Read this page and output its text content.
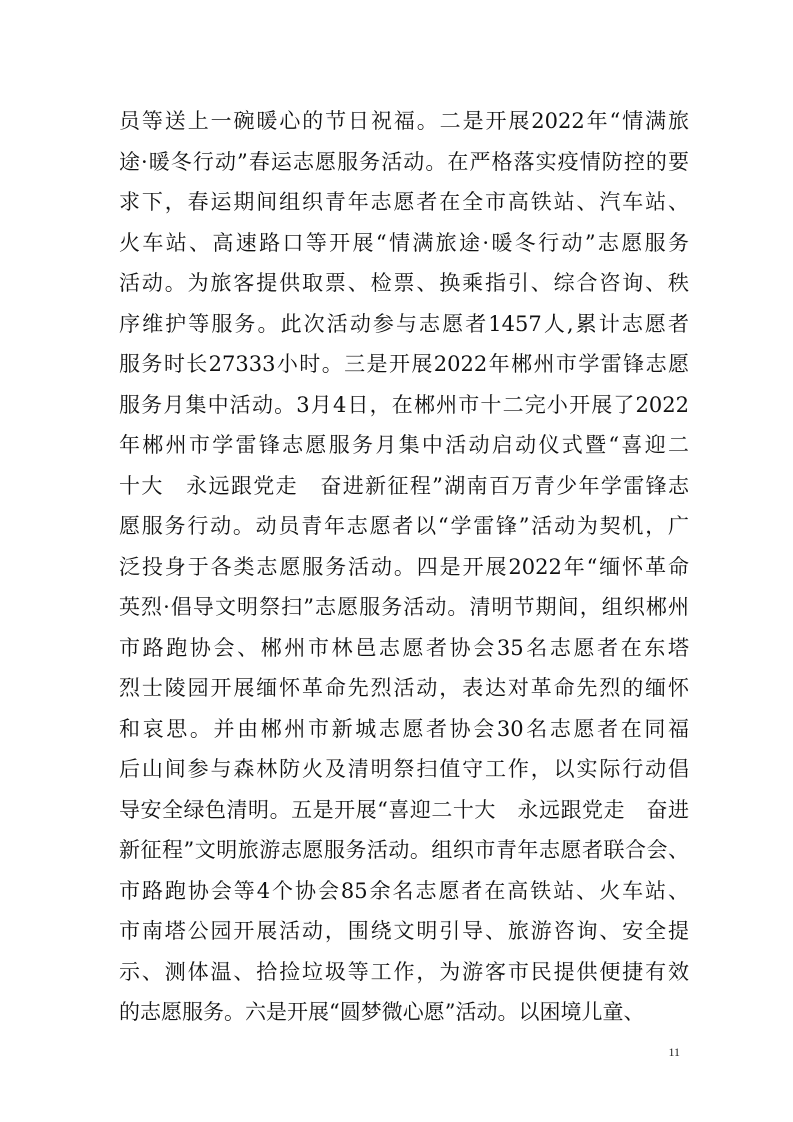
员等送上一碗暖心的节日祝福。二是开展2022年“情满旅
途·暖冬行动”春运志愿服务活动。在严格落实疫情防控的要
求下，春运期间组织青年志愿者在全市高铁站、汽车站、
火车站、高速路口等开展“情满旅途·暖冬行动”志愿服务
活动。为旅客提供取票、检票、换乘指引、综合咨询、秩
序维护等服务。此次活动参与志愿者1457人,累计志愿者
服务时长27333小时。三是开展2022年郴州市学雷锋志愿
服务月集中活动。3月4日，在郴州市十二完小开展了2022
年郴州市学雷锋志愿服务月集中活动启动仪式暨“喜迎二
十大　永远跟党走　奋进新征程”湖南百万青少年学雷锋志
愿服务行动。动员青年志愿者以“学雷锋”活动为契机，广
泛投身于各类志愿服务活动。四是开展2022年“缅怀革命
英烈·倡导文明祭扫”志愿服务活动。清明节期间，组织郴州
市路跑协会、郴州市林邑志愿者协会35名志愿者在东塔
烈士陵园开展缅怀革命先烈活动，表达对革命先烈的缅怀
和哀思。并由郴州市新城志愿者协会30名志愿者在同福
后山间参与森林防火及清明祭扫值守工作，以实际行动倡
导安全绿色清明。五是开展“喜迎二十大　永远跟党走　奋进
新征程”文明旅游志愿服务活动。组织市青年志愿者联合会、
市路跑协会等4个协会85余名志愿者在高铁站、火车站、
市南塔公园开展活动，围绕文明引导、旅游咨询、安全提
示、测体温、拾捡垃圾等工作，为游客市民提供便捷有效
的志愿服务。六是开展“圆梦微心愿”活动。以困境儿童、
11
